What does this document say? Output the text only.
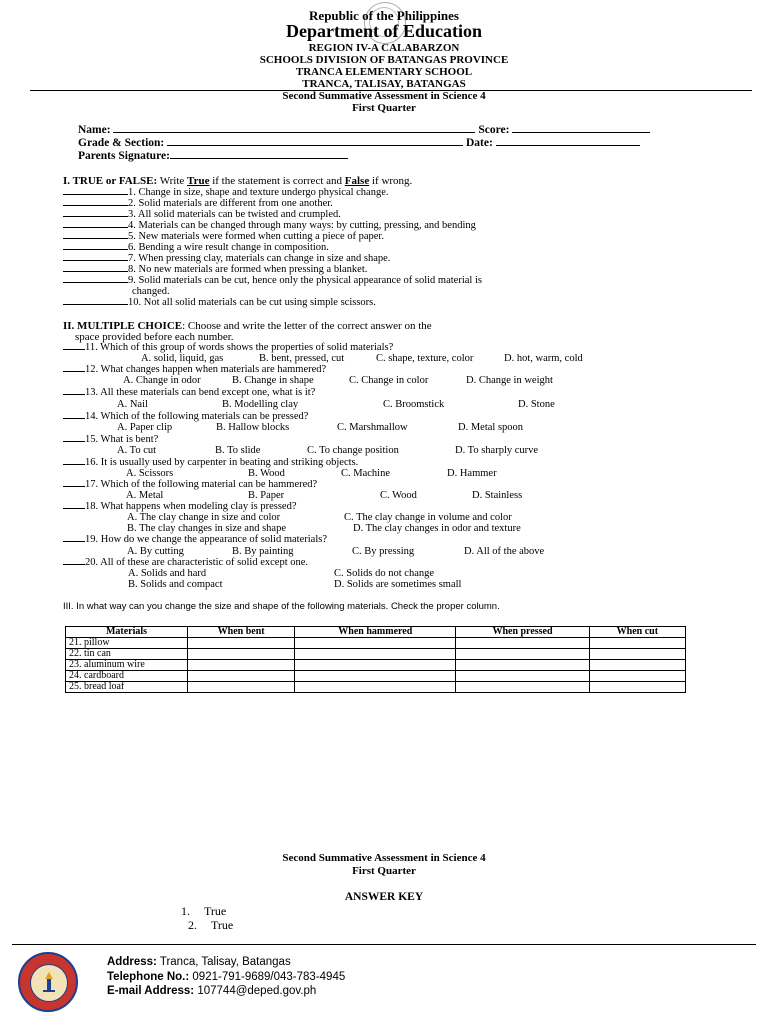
Republic of the Philippines
Department of Education
REGION IV-A CALABARZON
SCHOOLS DIVISION OF BATANGAS PROVINCE
TRANCA ELEMENTARY SCHOOL
TRANCA, TALISAY, BATANGAS
Second Summative Assessment in Science 4
First Quarter
Name:	Score:
Grade & Section:	Date:
Parents Signature:
I. TRUE or FALSE: Write True if the statement is correct and False if wrong.
1. Change in size, shape and texture undergo physical change.
2. Solid materials are different from one another.
3. All solid materials can be twisted and crumpled.
4. Materials can be changed through many ways: by cutting, pressing, and bending
5. New materials were formed when cutting a piece of paper.
6. Bending a wire result change in composition.
7. When pressing clay, materials can change in size and shape.
8. No new materials are formed when pressing a blanket.
9. Solid materials can be cut, hence only the physical appearance of solid material is
changed.
10. Not all solid materials can be cut using simple scissors.
II. MULTIPLE CHOICE: Choose and write the letter of the correct answer on the
space provided before each number.
11. Which of this group of words shows the properties of solid materials?
A. solid, liquid, gas	B. bent, pressed, cut	C. shape, texture, color	D. hot, warm, cold
12. What changes happen when materials are hammered?
A. Change in odor	B. Change in shape	C. Change in color	D. Change in weight
13. All these materials can bend except one, what is it?
A. Nail	B. Modelling clay	C. Broomstick	D. Stone
14. Which of the following materials can be pressed?
A. Paper clip	B. Hallow blocks	C. Marshmallow	D. Metal spoon
15. What is bent?
A. To cut	B. To slide	C. To change position	D. To sharply curve
16. It is usually used by carpenter in beating and striking objects.
A. Scissors	B. Wood	C. Machine	D. Hammer
17. Which of the following material can be hammered?
A. Metal	B. Paper	C. Wood	D. Stainless
18. What happens when modeling clay is pressed?
A. The clay change in size and color	C. The clay change in volume and color
B. The clay changes in size and shape	D. The clay changes in odor and texture
19. How do we change the appearance of solid materials?
A. By cutting	B. By painting	C. By pressing	D. All of the above
20. All of these are characteristic of solid except one.
A. Solids and hard	C. Solids do not change
B. Solids and compact	D. Solids are sometimes small
III. In what way can you change the size and shape of the following materials. Check the proper column.
Materials	When bent	When hammered	When pressed	When cut
21. pillow				
22. tin can				
23. aluminum wire				
24. cardboard				
25. bread loaf				
Second Summative Assessment in Science 4
First Quarter
ANSWER KEY
1. True
2. True
Address: Tranca, Talisay, Batangas
Telephone No.: 0921-791-9689/043-783-4945
E-mail Address: 107744@deped.gov.ph
